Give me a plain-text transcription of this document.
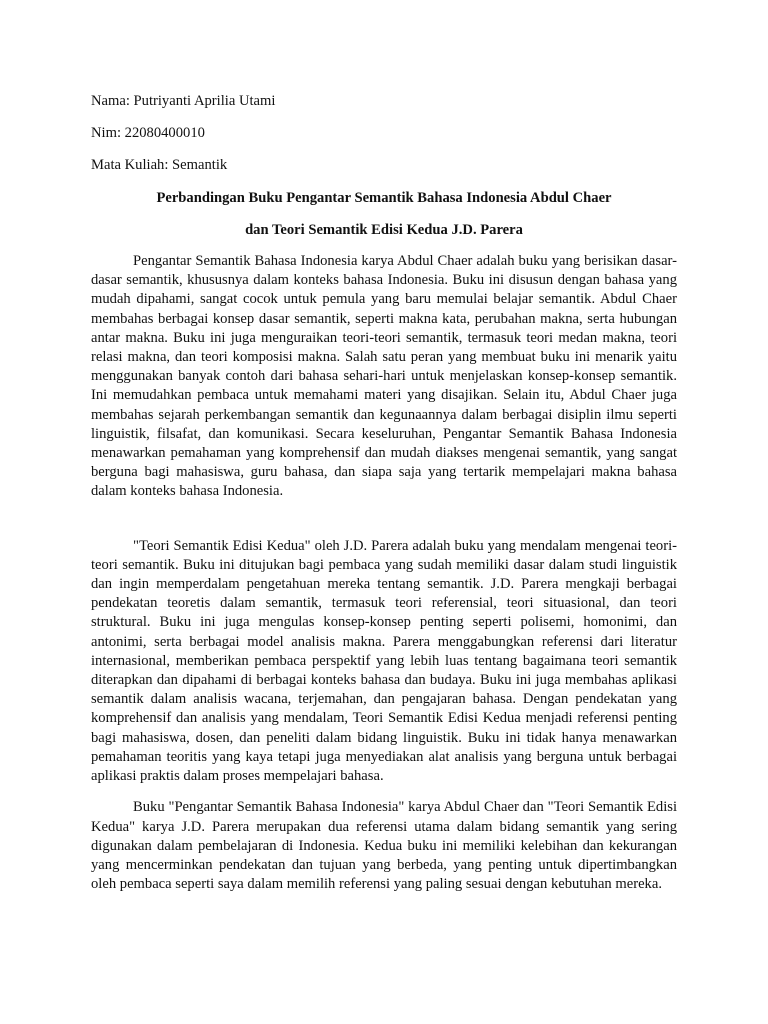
Nama: Putriyanti Aprilia Utami

Nim: 22080400010

Mata Kuliah: Semantik

Perbandingan Buku Pengantar Semantik Bahasa Indonesia Abdul Chaer

dan Teori Semantik Edisi Kedua J.D. Parera

Pengantar Semantik Bahasa Indonesia karya Abdul Chaer adalah buku yang berisikan dasar-dasar semantik, khususnya dalam konteks bahasa Indonesia. Buku ini disusun dengan bahasa yang mudah dipahami, sangat cocok untuk pemula yang baru memulai belajar semantik. Abdul Chaer membahas berbagai konsep dasar semantik, seperti makna kata, perubahan makna, serta hubungan antar makna. Buku ini juga menguraikan teori-teori semantik, termasuk teori medan makna, teori relasi makna, dan teori komposisi makna. Salah satu peran yang membuat buku ini menarik yaitu menggunakan banyak contoh dari bahasa sehari-hari untuk menjelaskan konsep-konsep semantik. Ini memudahkan pembaca untuk memahami materi yang disajikan. Selain itu, Abdul Chaer juga membahas sejarah perkembangan semantik dan kegunaannya dalam berbagai disiplin ilmu seperti linguistik, filsafat, dan komunikasi. Secara keseluruhan, Pengantar Semantik Bahasa Indonesia menawarkan pemahaman yang komprehensif dan mudah diakses mengenai semantik, yang sangat berguna bagi mahasiswa, guru bahasa, dan siapa saja yang tertarik mempelajari makna bahasa dalam konteks bahasa Indonesia.

"Teori Semantik Edisi Kedua" oleh J.D. Parera adalah buku yang mendalam mengenai teori-teori semantik. Buku ini ditujukan bagi pembaca yang sudah memiliki dasar dalam studi linguistik dan ingin memperdalam pengetahuan mereka tentang semantik. J.D. Parera mengkaji berbagai pendekatan teoretis dalam semantik, termasuk teori referensial, teori situasional, dan teori struktural. Buku ini juga mengulas konsep-konsep penting seperti polisemi, homonimi, dan antonimi, serta berbagai model analisis makna. Parera menggabungkan referensi dari literatur internasional, memberikan pembaca perspektif yang lebih luas tentang bagaimana teori semantik diterapkan dan dipahami di berbagai konteks bahasa dan budaya. Buku ini juga membahas aplikasi semantik dalam analisis wacana, terjemahan, dan pengajaran bahasa. Dengan pendekatan yang komprehensif dan analisis yang mendalam, Teori Semantik Edisi Kedua menjadi referensi penting bagi mahasiswa, dosen, dan peneliti dalam bidang linguistik. Buku ini tidak hanya menawarkan pemahaman teoritis yang kaya tetapi juga menyediakan alat analisis yang berguna untuk berbagai aplikasi praktis dalam proses mempelajari bahasa.

Buku "Pengantar Semantik Bahasa Indonesia" karya Abdul Chaer dan "Teori Semantik Edisi Kedua" karya J.D. Parera merupakan dua referensi utama dalam bidang semantik yang sering digunakan dalam pembelajaran di Indonesia. Kedua buku ini memiliki kelebihan dan kekurangan yang mencerminkan pendekatan dan tujuan yang berbeda, yang penting untuk dipertimbangkan oleh pembaca seperti saya dalam memilih referensi yang paling sesuai dengan kebutuhan mereka.
